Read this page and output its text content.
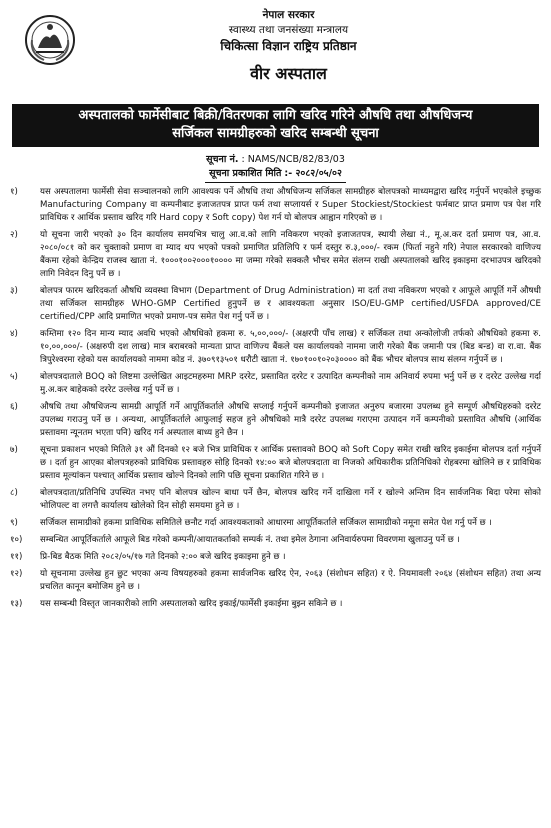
नेपाल सरकार
स्वास्थ्य तथा जनसंख्या मन्त्रालय
चिकित्सा विज्ञान राष्ट्रिय प्रतिष्ठान
वीर अस्पताल
अस्पतालको फार्मेसीबाट बिक्री/वितरणका लागि खरिद गरिने औषधि तथा औषधिजन्य
सर्जिकल सामग्रीहरुको खरिद सम्बन्धी सूचना
सूचना नं. : NAMS/NCB/82/83/03
सूचना प्रकाशित मिति :- २०८२/०५/०२
१)	यस अस्पतालमा फार्मेसी सेवा सञ्चालनको लागि आवश्यक पर्ने औषधि तथा औषधिजन्य सर्जिकल सामग्रीहरु बोलपत्रको माध्यमद्वारा खरिद गर्नुपर्ने भएकोले इच्छुक Manufacturing Company वा कम्पनीबाट इजाजतपत्र प्राप्त फर्म तथा सप्लायर्स र Super Stockiest/Stockiest फर्मबाट प्राप्त प्रमाण पत्र पेश गरि प्राविधिक र आर्थिक प्रस्ताव खरिद गरि Hard copy र Soft copy) पेश गर्न यो बोलपत्र आह्वान गरिएको छ ।
२)	यो सूचना जारी भएको ३० दिन कार्यालय समयभित्र चालु आ.व.को लागि नविकरण भएको इजाजतपत्र, स्थायी लेखा नं., मू.अ.कर दर्ता प्रमाण पत्र, आ.व. २०८०/०८१ को कर चुक्ताको प्रमाण वा म्याद थप भएको पत्रको प्रमाणित प्रतिलिपि र फर्म दस्तुर रु.३,०००/- रकम (फिर्ता नहुने गरि) नेपाल सरकारको वाणिज्य बैंकमा रहेको केन्द्रिय राजस्व खाता नं. १०००१००२०००१०००० मा जम्मा गरेको सक्कलै भौचर समेत संलग्न राखी अस्पतालको खरिद इकाइमा दरभाउपत्र खरिदको लागि निवेदन दिनु पर्ने छ ।
३)	बोलपत्र फारम खरिदकर्ता औषधि व्यवस्था विभाग (Department of Drug Administration) मा दर्ता तथा नविकरण भएको र आफूले आपूर्ति गर्ने औषधी तथा सर्जिकल सामग्रीहरु WHO-GMP Certified हुनुपर्ने छ र आवश्यकता अनुसार ISO/EU-GMP certified/USFDA approved/CE certified/CPP आदि प्रमाणित भएको प्रमाण-पत्र समेत पेश गर्नु पर्ने छ ।
४)	कम्तिमा १२० दिन मान्य म्याद अवधि भएको औषधिको हकमा रु. ५,००,०००/- (अक्षरपी पाँच लाख) र सर्जिकल तथा अन्कोलोजी तर्फको औषधिको हकमा रु. १०,००,०००/- (अक्षरुपी दश लाख) मात्र बराबरको मान्यता प्राप्त वाणिज्य बैंकले यस कार्यालयको नाममा जारी गरेको बैंक जमानी पत्र (बिड बन्ड) वा रा.वा. बैंक त्रिपुरेश्वरमा रहेको यस कार्यालयको नाममा कोड नं. ३७०९१३५०१ धरौटी खाता नं. १७०१००१०२०३०००० को बैंक भौचर बोलपत्र साथ संलग्न गर्नुपर्ने छ ।
५)	बोलपत्रदाताले BOQ को लिष्टमा उल्लेखित आइटमहरुमा MRP दररेट, प्रस्तावित दररेट र उत्पादित कम्पनीको नाम अनिवार्य रुपमा भर्नु पर्ने छ र दररेट उल्लेख गर्दा मु.अ.कर बाहेकको दररेट उल्लेख गर्नु पर्ने छ ।
६)	औषधि तथा औषधिजन्य सामग्री आपूर्ति गर्ने आपूर्तिकर्ताले औषधि सप्लाई गर्नुपर्ने कम्पनीको इजाजत अनुरुप बजारमा उपलब्ध हुने सम्पूर्ण औषधिहरुको दररेट उपलब्ध गराउनु पर्ने छ । अन्यथा, आपूर्तिकर्ताले आफुलाई सहज हुने औषधिको मात्रै दररेट उपलब्ध गराएमा उत्पादन गर्ने कम्पनीको प्रस्तावित औषधि (आर्थिक प्रस्तावमा न्यूनतम भएता पनि) खरिद गर्न अस्पताल बाध्य हुने छैन ।
७)	सूचना प्रकाशन भएको मितिले ३१ औं दिनको १२ बजे भित्र प्राविधिक र आर्थिक प्रस्तावको BOQ को Soft Copy समेत राखी खरिद इकाईमा बोलपत्र दर्ता गर्नुपर्ने छ । दर्ता हुन आएका बोलपत्रहरुको प्राविधिक प्रस्तावहरु सोहि दिनको १४:०० बजे बोलपत्रदाता वा निजको अधिकारीक प्रतिनिधिको रोहबरमा खोलिने छ र प्राविधिक प्रस्ताव मूल्यांकन पश्चात् आर्थिक प्रस्ताव खोल्ने दिनको लागि पछि सूचना प्रकाशित गरिने छ ।
८)	बोलपत्रदाता/प्रतिनिधि उपस्थित नभए पनि बोलपत्र खोल्न बाधा पर्ने छैन, बोलपत्र खरिद गर्ने दाखिला गर्ने र खोल्ने अन्तिम दिन सार्वजनिक बिदा परेमा सोको भोलिपल्ट वा लगत्तै कार्यालय खोलेको दिन सोही समयमा हुने छ ।
९)	सर्जिकल सामाग्रीको हकमा प्राविधिक समितिले छनौट गर्दा आवश्यकताको आधारमा आपूर्तिकर्ताले सर्जिकल सामाग्रीको नमूना समेत पेश गर्नु पर्ने छ ।
१०)	सम्बन्धित आपूर्तिकर्ताले आफूले बिड गरेको कम्पनी/आयातकर्ताको सम्पर्क नं. तथा इमेल ठेगाना अनिवार्यरुपमा विवरणमा खुलाउनु पर्ने छ ।
११)	प्रि-बिड बैठक मिति २०८२/०५/१७ गते दिनको २:०० बजे खरिद इकाइमा हुने छ ।
१२)	यो सूचनामा उल्लेख हुन छुट भएका अन्य विषयहरुको हकमा सार्वजनिक खरिद ऐन, २०६३ (संशोधन सहित) र ऐ. नियमावली २०६४ (संशोधन सहित) तथा अन्य प्रचलित कानून बमोजिम हुने छ ।
१३)	यस सम्बन्धी विस्तृत जानकारीको लागि अस्पतालको खरिद इकाई/फार्मेसी इकाईमा बुझ्न सकिने छ ।
